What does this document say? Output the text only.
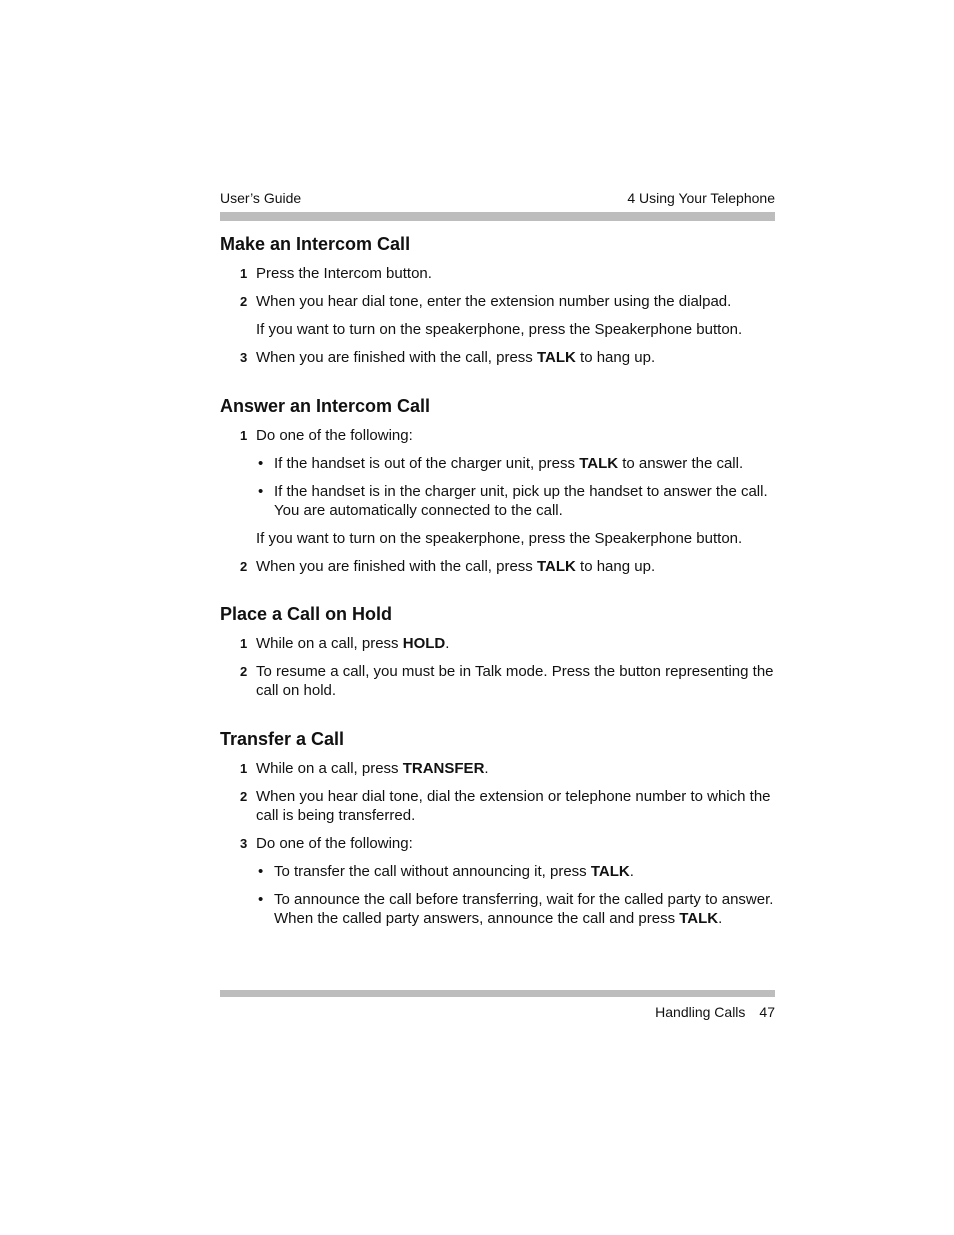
User’s Guide	4 Using Your Telephone
Make an Intercom Call
1 Press the Intercom button.
2 When you hear dial tone, enter the extension number using the dialpad.
If you want to turn on the speakerphone, press the Speakerphone button.
3 When you are finished with the call, press TALK to hang up.
Answer an Intercom Call
1 Do one of the following:
• If the handset is out of the charger unit, press TALK to answer the call.
• If the handset is in the charger unit, pick up the handset to answer the call. You are automatically connected to the call.
If you want to turn on the speakerphone, press the Speakerphone button.
2 When you are finished with the call, press TALK to hang up.
Place a Call on Hold
1 While on a call, press HOLD.
2 To resume a call, you must be in Talk mode. Press the button representing the call on hold.
Transfer a Call
1 While on a call, press TRANSFER.
2 When you hear dial tone, dial the extension or telephone number to which the call is being transferred.
3 Do one of the following:
• To transfer the call without announcing it, press TALK.
• To announce the call before transferring, wait for the called party to answer. When the called party answers, announce the call and press TALK.
Handling Calls 47
